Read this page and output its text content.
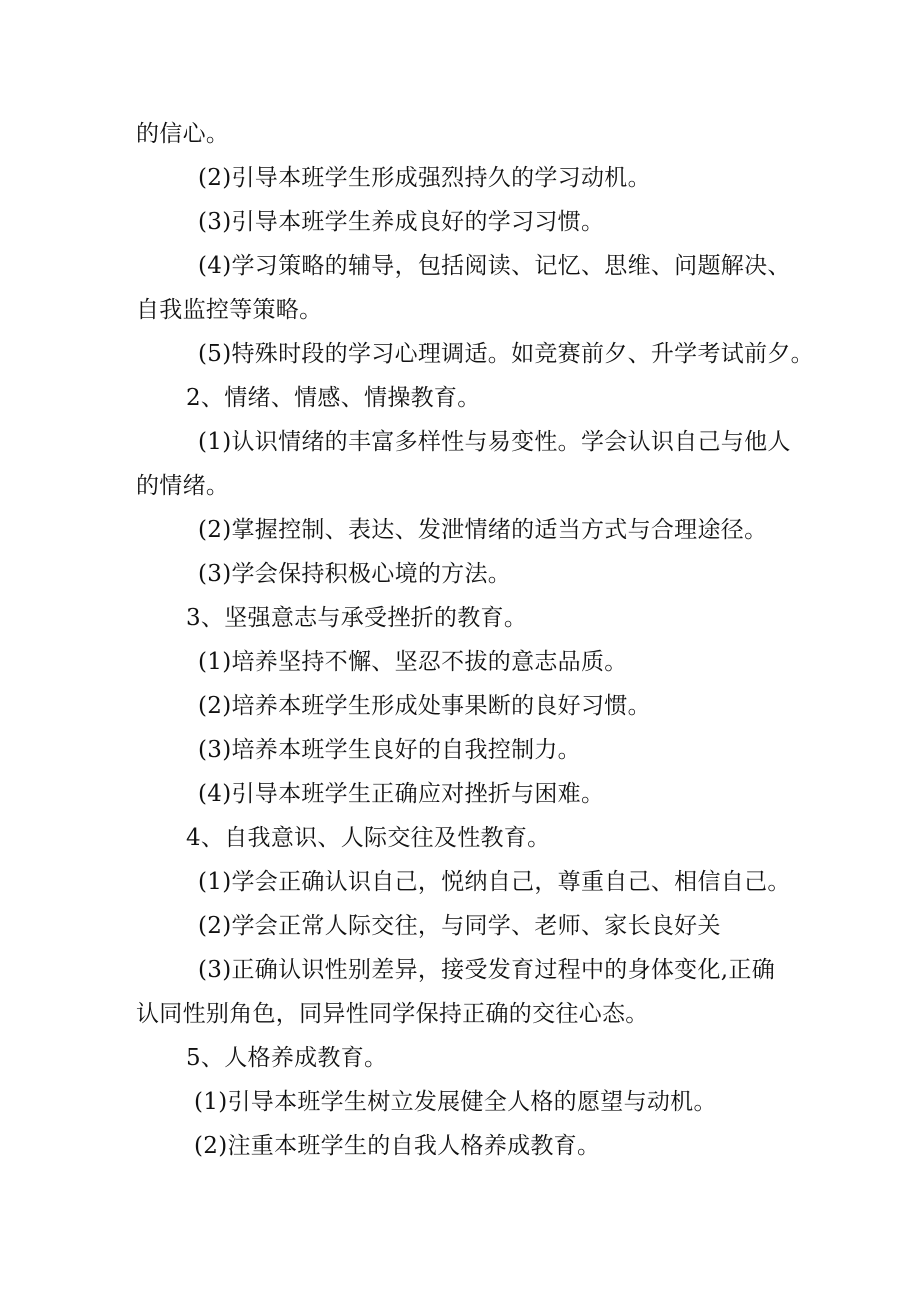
的信心。

(2)引导本班学生形成强烈持久的学习动机。

(3)引导本班学生养成良好的学习习惯。

(4)学习策略的辅导，包括阅读、记忆、思维、问题解决、

自我监控等策略。

(5)特殊时段的学习心理调适。如竞赛前夕、升学考试前夕。

2、情绪、情感、情操教育。

(1)认识情绪的丰富多样性与易变性。学会认识自己与他人

的情绪。

(2)掌握控制、表达、发泄情绪的适当方式与合理途径。

(3)学会保持积极心境的方法。

3、坚强意志与承受挫折的教育。

(1)培养坚持不懈、坚忍不拔的意志品质。

(2)培养本班学生形成处事果断的良好习惯。

(3)培养本班学生良好的自我控制力。

(4)引导本班学生正确应对挫折与困难。

4、自我意识、人际交往及性教育。

(1)学会正确认识自己，悦纳自己，尊重自己、相信自己。

(2)学会正常人际交往，与同学、老师、家长良好关

(3)正确认识性别差异，接受发育过程中的身体变化,正确

认同性别角色，同异性同学保持正确的交往心态。

5、人格养成教育。

(1)引导本班学生树立发展健全人格的愿望与动机。

(2)注重本班学生的自我人格养成教育。
